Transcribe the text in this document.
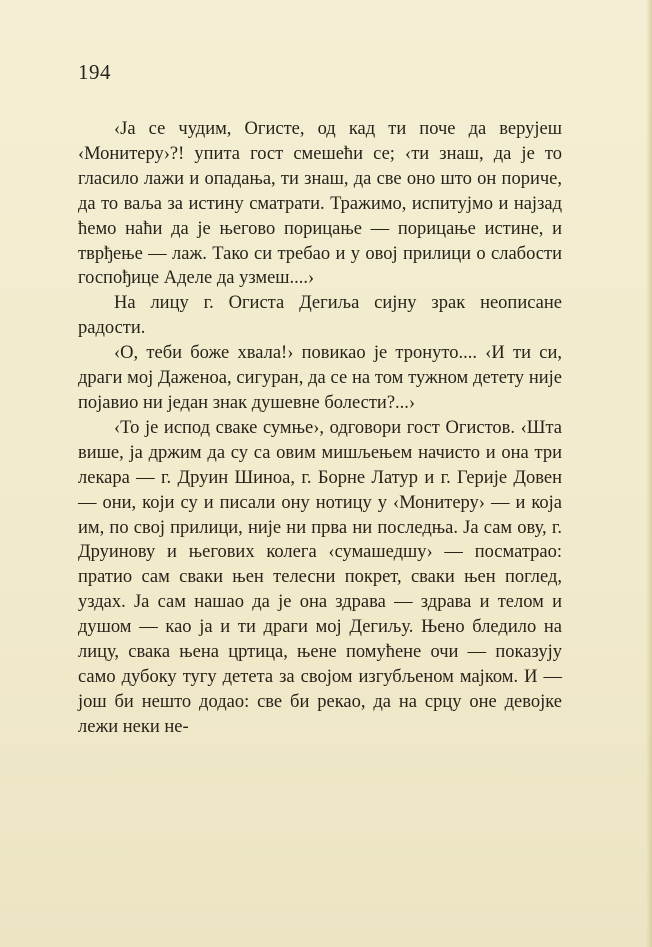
194

‹Ја се чудим, Огисте, од кад ти поче да верујеш ‹Монитеру›?! упита гост смешећи се; ‹ти знаш, да је то гласило лажи и опадања, ти знаш, да све оно што он пориче, да то ваља за истину сматрати. Тражимо, испитујмо и најзад ћемо наћи да је његово порицање — порицање истине, и тврђење — лаж. Тако си требао и у овој прилици о слабости госпођице Аделе да узмеш....›

На лицу г. Огиста Дегиља сијну зрак неописане радости.

‹О, теби боже хвала!› повикао је тронуто.... ‹И ти си, драги мој Даженоа, сигуран, да се на том тужном детету није појавио ни један знак душевне болести?...›

‹То је испод сваке сумње›, одговори гост Огистов. ‹Шта више, ја држим да су са овим мишљењем начисто и она три лекара — г. Друин Шиноа, г. Борне Латур и г. Герије Довен — они, који су и писали ону нотицу у ‹Монитеру› — и која им, по свој прилици, није ни прва ни последња. Ја сам ову, г. Друинову и његових колега ‹сумашедшу› — посматрао: пратио сам сваки њен телесни покрет, сваки њен поглед, уздах. Ја сам нашао да је она здрава — здрава и телом и душом — као ја и ти драги мој Дегиљу. Њено бледило на лицу, свака њена цртица, њене помућене очи — показују само дубоку тугу детета за својом изгубљеном мајком. И — још би нешто додао: све би рекао, да на срцу оне девојке лежи неки не-
